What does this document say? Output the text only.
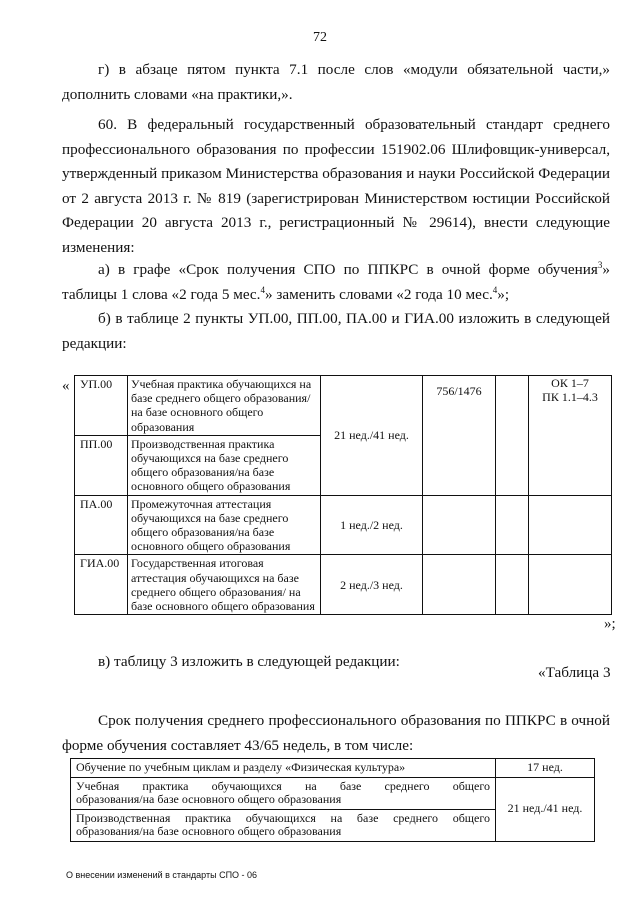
72
г) в абзаце пятом пункта 7.1 после слов «модули обязательной части,»
дополнить словами «на практики,».
60. В федеральный государственный образовательный стандарт среднего
профессионального образования по профессии 151902.06 Шлифовщик-универсал,
утвержденный приказом Министерства образования и науки Российской Федерации
от 2 августа 2013 г. № 819 (зарегистрирован Министерством юстиции Российской
Федерации 20 августа 2013 г., регистрационный № 29614), внести следующие
изменения:
а) в графе «Срок получения СПО по ППКРС в очной форме обучения$^3$»
таблицы 1 слова «2 года 5 мес.$^4$» заменить словами «2 года 10 мес.$^4$»;
б) в таблице 2 пункты УП.00, ПП.00, ПА.00 и ГИА.00 изложить в следующей
редакции:
« УП.00	Учебная практика обучающихся на базе среднего общего образования/на базе основного общего образования	21 нед./41 нед.	756/1476		ОК 1–7
ПК 1.1–4.3

ПП.00	Производственная практика обучающихся на базе среднего общего образования/на базе основного общего образования				
ПА.00	Промежуточная аттестация обучающихся на базе среднего общего образования/на базе основного общего образования	1 нед./2 нед.			
ГИА.00	Государственная итоговая аттестация обучающихся на базе среднего общего образования/ на базе основного общего образования	2 нед./3 нед.			
»;
в) таблицу 3 изложить в следующей редакции:
«Таблица 3
Срок получения среднего профессионального образования по ППКРС в очной
форме обучения составляет 43/65 недель, в том числе:
Обучение по учебным циклам и разделу «Физическая культура»	17 нед.

Учебная практика обучающихся на базе среднего общего
образования/на базе основного общего образования	21 нед./41 нед.

Производственная практика обучающихся на базе среднего общего
образования/на базе основного общего образования	
О внесении изменений в стандарты СПО - 06
